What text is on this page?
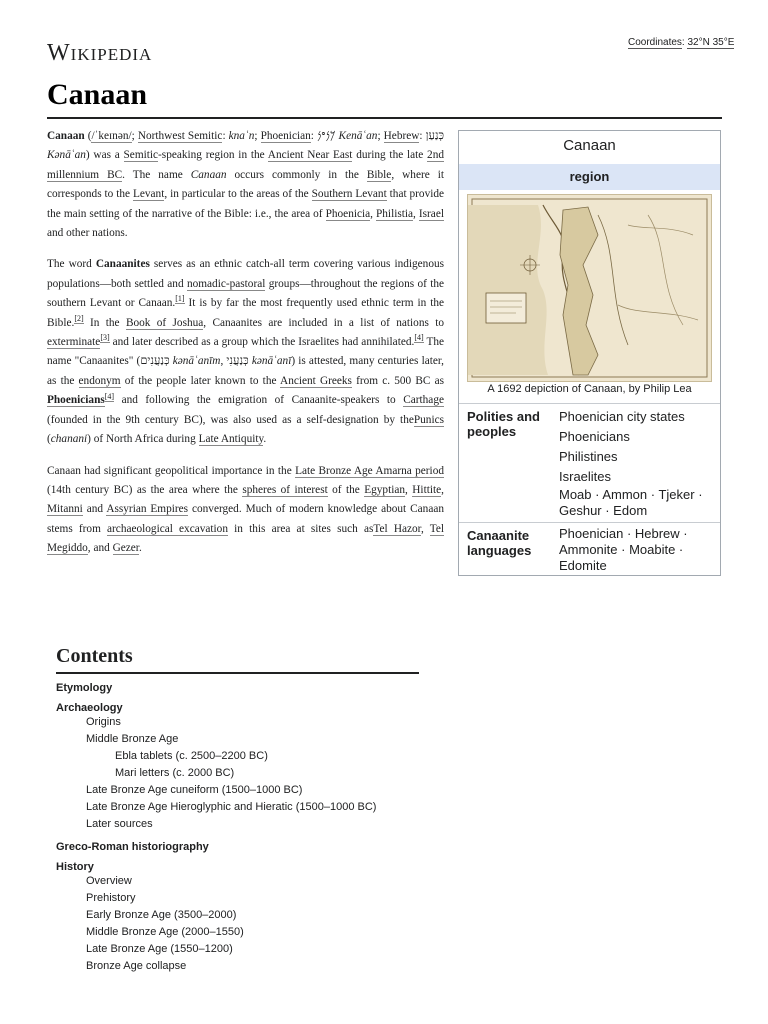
Wikipedia	Coordinates: 32°N 35°E
Canaan

Canaan (/ˈkeɪnən/; Northwest Semitic: knaʿn; Phoenician: 𐤊𐤍𐤏𐤍 Kenāʿan; Hebrew: כְּנַעַן Kənāʿan) was a Semitic-speaking region in the Ancient Near East during the late 2nd millennium BC. The name Canaan occurs commonly in the Bible, where it corresponds to the Levant, in particular to the areas of the Southern Levant that provide the main setting of the narrative of the Bible: i.e., the area of Phoenicia, Philistia, Israel and other nations.

The word Canaanites serves as an ethnic catch-all term covering various indigenous populations—both settled and nomadic-pastoral groups—throughout the regions of the southern Levant or Canaan.[1] It is by far the most frequently used ethnic term in the Bible.[2] In the Book of Joshua, Canaanites are included in a list of nations to exterminate[3] and later described as a group which the Israelites had annihilated.[4] The name "Canaanites" (כְּנַעֲנִים kənāʿanīm, כְּנַעֲנִי kənāʿanī) is attested, many centuries later, as the endonym of the people later known to the Ancient Greeks from c. 500 BC as Phoenicians[4] and following the emigration of Canaanite-speakers to Carthage (founded in the 9th century BC), was also used as a self-designation by thePunics (chanani) of North Africa during Late Antiquity.

Canaan had significant geopolitical importance in the Late Bronze Age Amarna period (14th century BC) as the area where the spheres of interest of the Egyptian, Hittite, Mitanni and Assyrian Empires converged. Much of modern knowledge about Canaan stems from archaeological excavation in this area at sites such asTel Hazor, Tel Megiddo, and Gezer.

Canaan
region
A 1692 depiction of Canaan, by Philip Lea
Polities and peoples
Phoenician city states
Phoenicians
Philistines
Israelites
Moab · Ammon · Tjeker · Geshur · Edom
Canaanite languages
Phoenician · Hebrew · Ammonite · Moabite · Edomite
Contents
Etymology
Archaeology
Origins
Middle Bronze Age
Ebla tablets (c. 2500–2200 BC)
Mari letters (c. 2000 BC)
Late Bronze Age cuneiform (1500–1000 BC)
Late Bronze Age Hieroglyphic and Hieratic (1500–1000 BC)
Later sources
Greco-Roman historiography
History
Overview
Prehistory
Early Bronze Age (3500–2000)
Middle Bronze Age (2000–1550)
Late Bronze Age (1550–1200)
Bronze Age collapse
